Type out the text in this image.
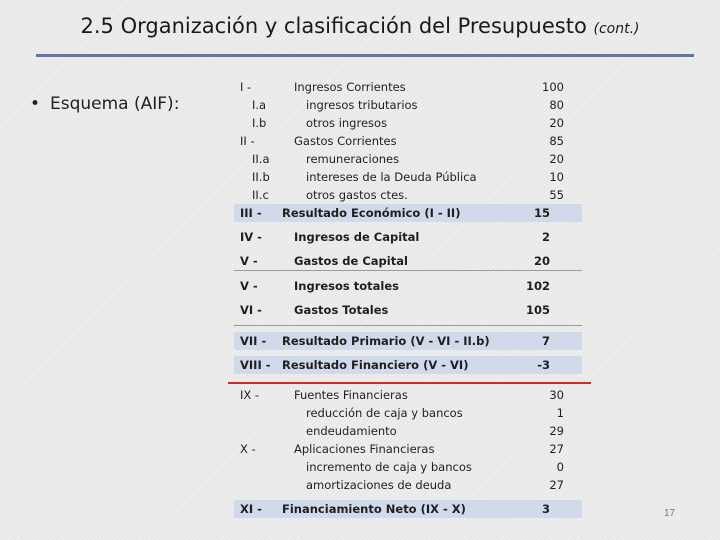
2.5 Organización y clasificación del Presupuesto (cont.)
• Esquema (AIF):
I -	Ingresos Corrientes	100
I.a	ingresos tributarios	80
I.b	otros ingresos	20
II -	Gastos Corrientes	85
II.a	remuneraciones	20
II.b	intereses de la Deuda Pública	10
II.c	otros gastos ctes.	55
III - Resultado Económico (I - II)	15
IV -	Ingresos de Capital	2
V -	Gastos de Capital	20
V -	Ingresos totales	102
VI -	Gastos Totales	105
VII - Resultado Primario (V - VI - II.b)	7
VIII - Resultado Financiero (V - VI)	-3
IX -	Fuentes Financieras	30
reducción de caja y bancos	1
endeudamiento	29
X -	Aplicaciones Financieras	27
incremento de caja y bancos	0
amortizaciones de deuda	27
XI - Financiamiento Neto (IX - X)	3	17
